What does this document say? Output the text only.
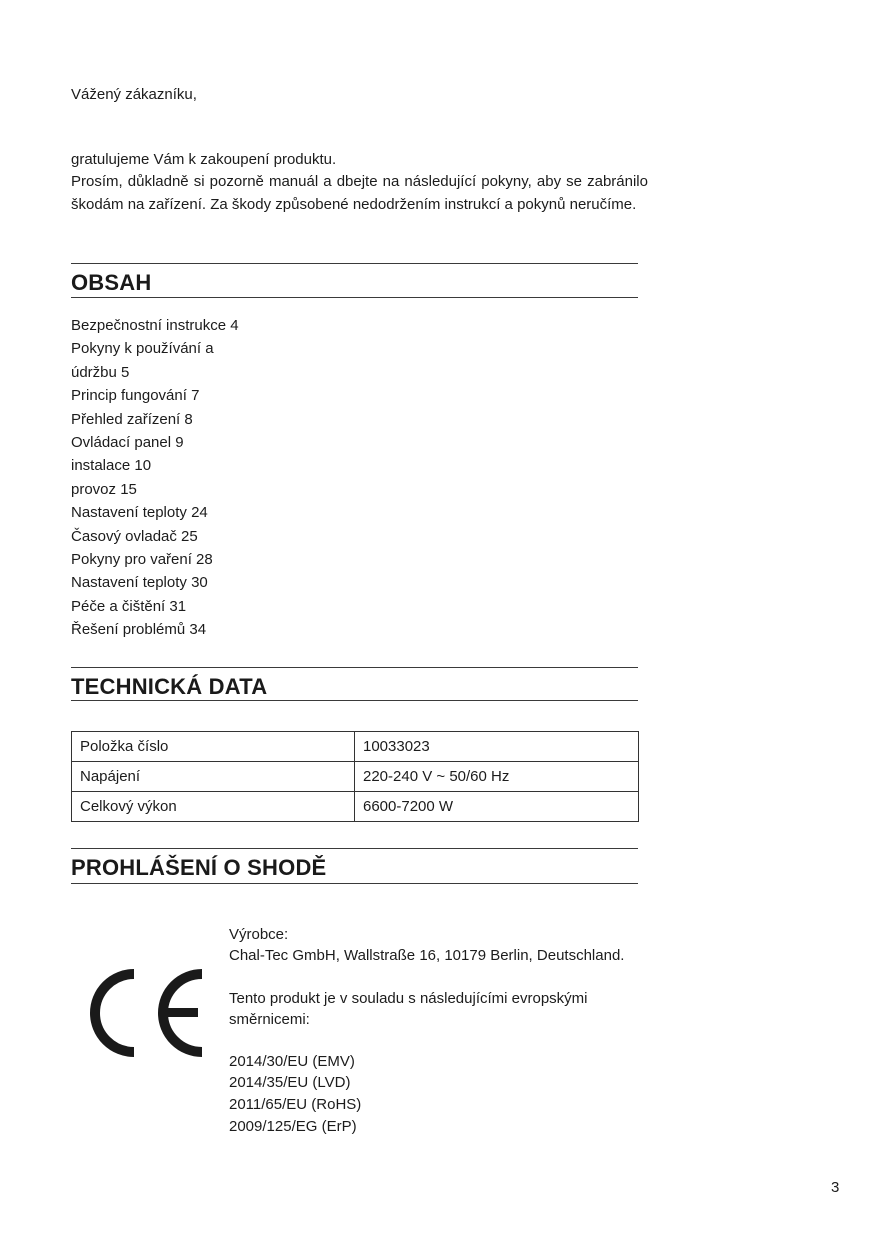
Vážený zákazníku,
gratulujeme Vám k zakoupení produktu.
Prosím, důkladně si pozorně manuál a dbejte na následující pokyny, aby se zabránilo škodám na zařízení. Za škody způsobené nedodržením instrukcí a pokynů neručíme.
OBSAH
Bezpečnostní instrukce 4
Pokyny k používání a
údržbu 5
Princip fungování 7
Přehled zařízení 8
Ovládací panel 9
instalace 10
provoz 15
Nastavení teploty 24
Časový ovladač 25
Pokyny pro vaření 28
Nastavení teploty 30
Péče a čištění 31
Řešení problémů 34
TECHNICKÁ DATA
Položka číslo	10033023
Napájení	220-240 V ~ 50/60 Hz
Celkový výkon	6600-7200 W
PROHLÁŠENÍ O SHODĚ
Výrobce:
Chal-Tec GmbH, Wallstraße 16, 10179 Berlin, Deutschland.
Tento produkt je v souladu s následujícími evropskými
směrnicemi:
2014/30/EU (EMV)
2014/35/EU (LVD)
2011/65/EU (RoHS)
2009/125/EG (ErP)
3
